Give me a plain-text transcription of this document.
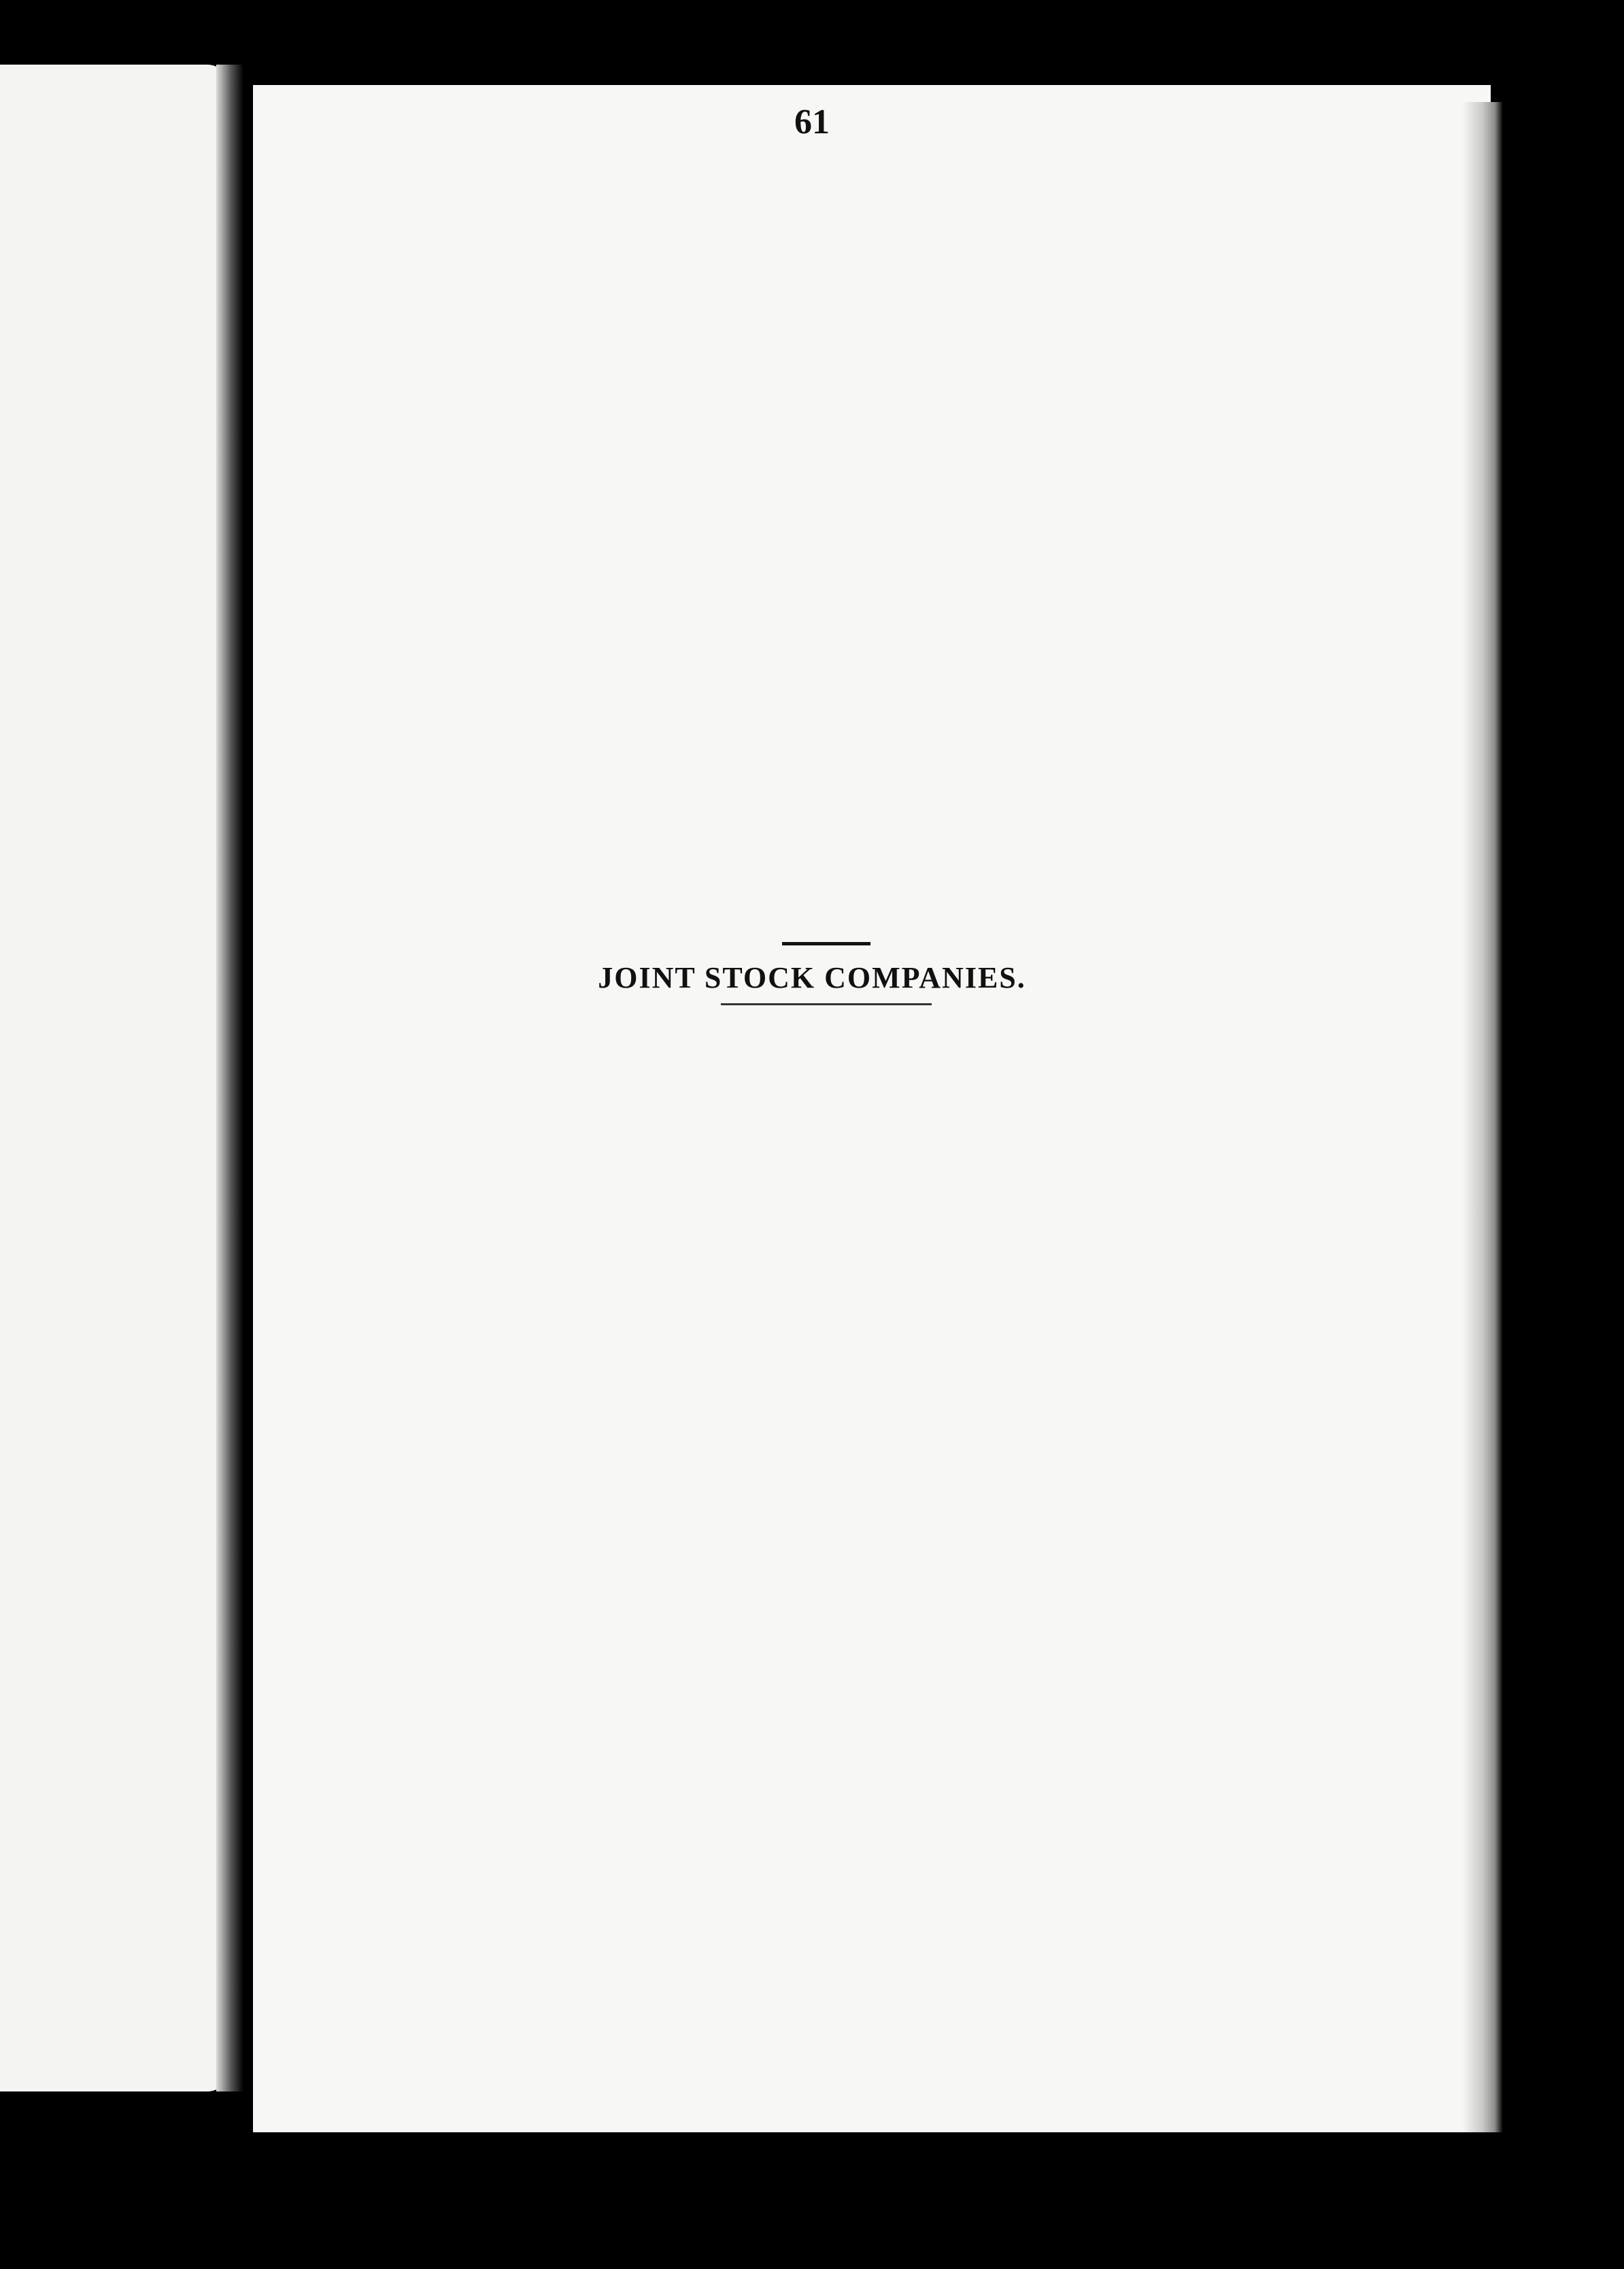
61
JOINT STOCK COMPANIES.
